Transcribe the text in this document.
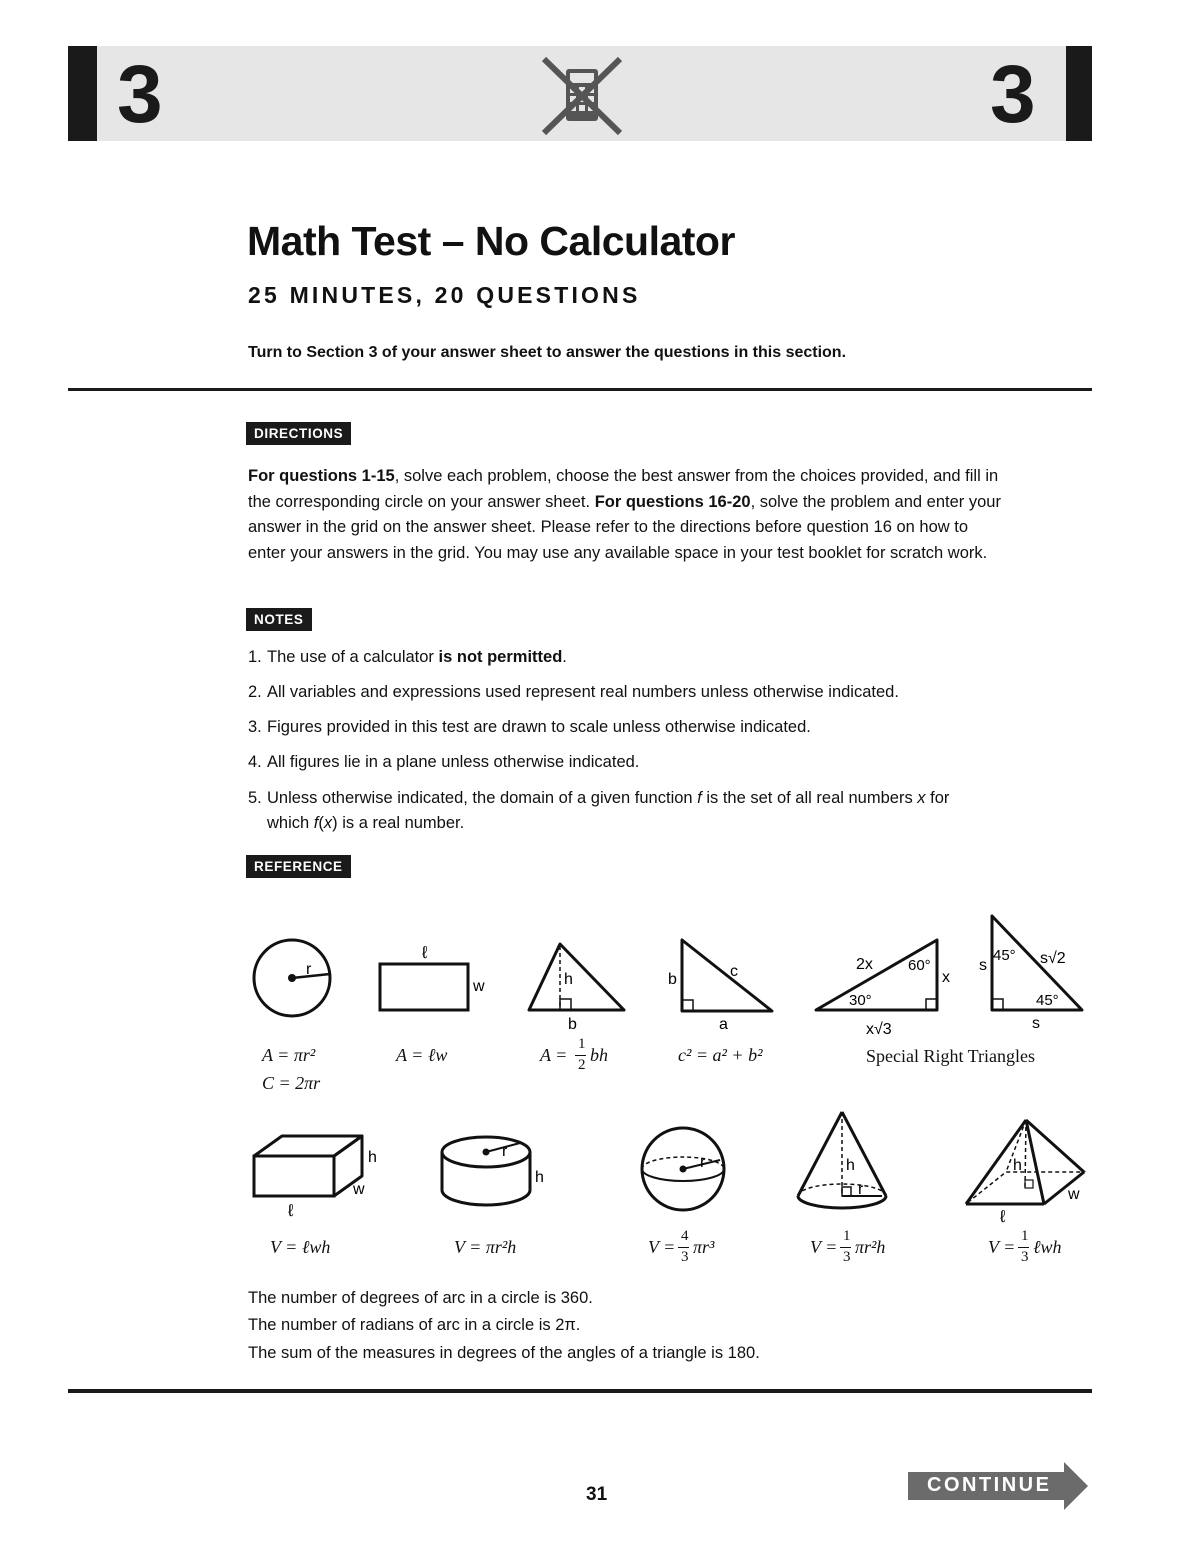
3	3
Math Test – No Calculator
25 MINUTES, 20 QUESTIONS
Turn to Section 3 of your answer sheet to answer the questions in this section.
DIRECTIONS
For questions 1-15, solve each problem, choose the best answer from the choices provided, and fill in the corresponding circle on your answer sheet. For questions 16-20, solve the problem and enter your answer in the grid on the answer sheet. Please refer to the directions before question 16 on how to enter your answers in the grid. You may use any available space in your test booklet for scratch work.
NOTES
1. The use of a calculator is not permitted.
2. All variables and expressions used represent real numbers unless otherwise indicated.
3. Figures provided in this test are drawn to scale unless otherwise indicated.
4. All figures lie in a plane unless otherwise indicated.
5. Unless otherwise indicated, the domain of a given function f is the set of all real numbers x for
which f(x) is a real number.
REFERENCE
r
ℓ
w	h
b
b	c
a
2x 60°
x
30°
x√3
s
45° s√2
45°
s
A = πr²
C = 2πr
A = ℓw	A =
1
2 bh	c² = a² + b²	Special Right Triangles
h
w
ℓ
r
h
r	h
r
h
w
ℓ
V = ℓwh	V = πr²h	V =
4
3 πr³	V =
1
3 πr²h	V =
1
3 ℓwh
The number of degrees of arc in a circle is 360.
The number of radians of arc in a circle is 2π.
The sum of the measures in degrees of the angles of a triangle is 180.
31	CONTINUE
